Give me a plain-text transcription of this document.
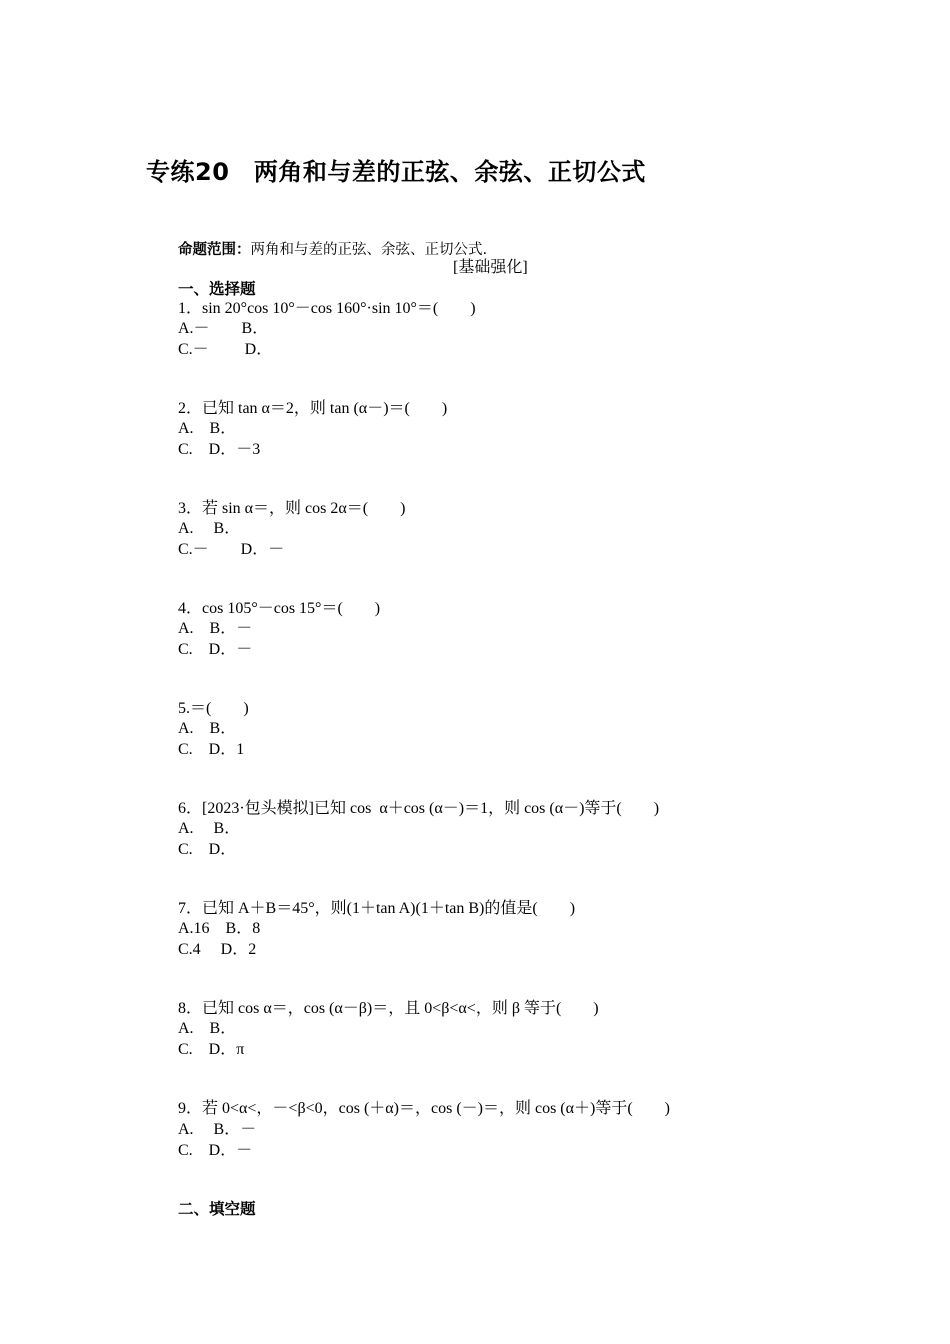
专练20　两角和与差的正弦、余弦、正切公式
命题范围：两角和与差的正弦、余弦、正切公式.
[基础强化]
一、选择题
1．sin 20°cos 10°－cos 160°·sin 10°＝(　　)
A.－　　B．
C.－　　 D．
2．已知 tan α＝2，则 tan (α－)＝(　　)
A.　B．
C.　D．－3
3．若 sin α＝，则 cos 2α＝(　　)
A.　 B．
C.－　　D．－
4．cos 105°－cos 15°＝(　　)
A.　B．－
C.　D．－
5.＝(　　)
A.　B．
C.　D．1
6．[2023·包头模拟]已知 cos  α＋cos (α－)＝1，则 cos (α－)等于(　　)
A.　 B．
C.　D．
7．已知 A＋B＝45°，则(1＋tan A)(1＋tan B)的值是(　　)
A.16　B．8
C.4　 D．2
8．已知 cos α＝，cos (α－β)＝，且 0<β<α<，则 β 等于(　　)
A.　B．
C.　D．π
9．若 0<α<，－<β<0，cos (＋α)＝，cos (－)＝，则 cos (α＋)等于(　　)
A.　 B．－
C.　D．－
二、填空题
